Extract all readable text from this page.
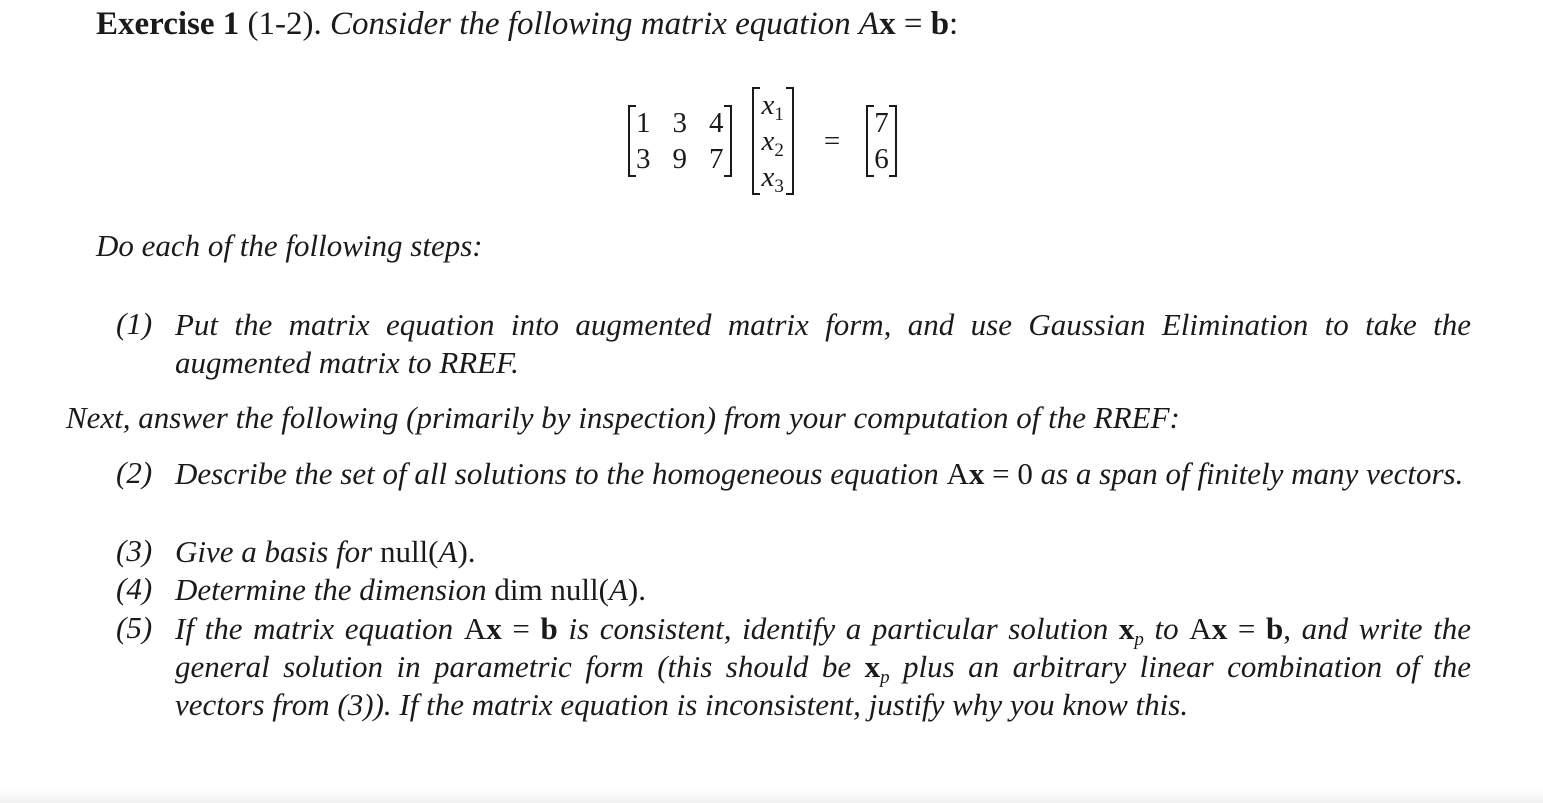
Exercise 1 (1-2). Consider the following matrix equation Ax = b:
1	3	4
3	9	7
$x_1$
$x_2$
$x_3$
=
7
6
Do each of the following steps:
(1) Put the matrix equation into augmented matrix form, and use Gaussian Elimination to take the augmented matrix to RREF.
Next, answer the following (primarily by inspection) from your computation of the RREF:
(2) Describe the set of all solutions to the homogeneous equation Ax = 0 as a span of finitely many vectors.
(3) Give a basis for null(A).
(4) Determine the dimension dim null(A).
(5) If the matrix equation Ax = b is consistent, identify a particular solution $x_p$ to Ax = b, and write the general solution in parametric form (this should be $x_p$ plus an arbitrary linear combination of the vectors from (3)). If the matrix equation is inconsistent, justify why you know this.
